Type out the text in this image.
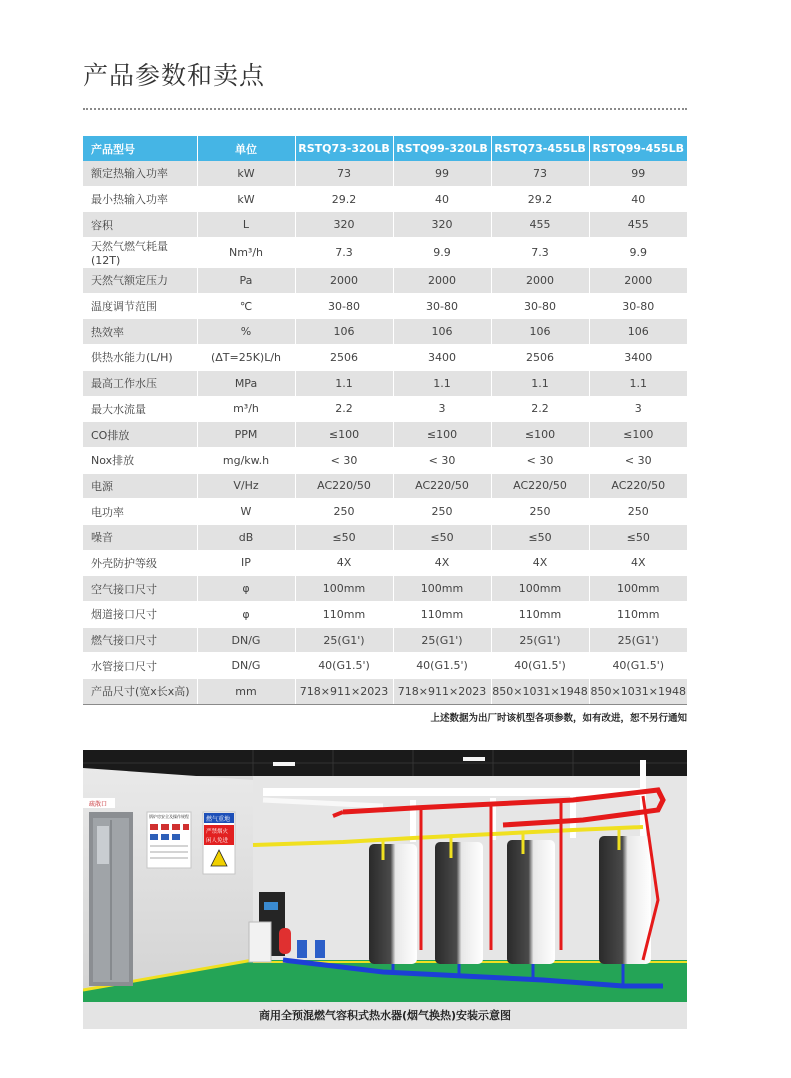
产品参数和卖点
产品型号	单位	RSTQ73-320LB	RSTQ99-320LB	RSTQ73-455LB	RSTQ99-455LB
额定热输入功率	kW	73	99	73	99
最小热输入功率	kW	29.2	40	29.2	40
容积	L	320	320	455	455
天然气燃气耗量(12T)	Nm³/h	7.3	9.9	7.3	9.9
天然气额定压力	Pa	2000	2000	2000	2000
温度调节范围	℃	30-80	30-80	30-80	30-80
热效率	%	106	106	106	106
供热水能力(L/H)	(ΔT=25K)L/h	2506	3400	2506	3400
最高工作水压	MPa	1.1	1.1	1.1	1.1
最大水流量	m³/h	2.2	3	2.2	3
CO排放	PPM	≤100	≤100	≤100	≤100
Nox排放	mg/kw.h	< 30	< 30	< 30	< 30
电源	V/Hz	AC220/50	AC220/50	AC220/50	AC220/50
电功率	W	250	250	250	250
噪音	dB	≤50	≤50	≤50	≤50
外壳防护等级	IP	4X	4X	4X	4X
空气接口尺寸	φ	100mm	100mm	100mm	100mm
烟道接口尺寸	φ	110mm	110mm	110mm	110mm
燃气接口尺寸	DN/G	25(G1')	25(G1')	25(G1')	25(G1')
水管接口尺寸	DN/G	40(G1.5')	40(G1.5')	40(G1.5')	40(G1.5')
产品尺寸(宽x长x高)	mm	718×911×2023	718×911×2023	850×1031×1948	850×1031×1948
上述数据为出厂时该机型各项参数，如有改进，恕不另行通知
疏散口
锅炉房安全及操作规程	燃气重地
严禁烟火
闲人免进
商用全预混燃气容积式热水器(烟气换热)安装示意图
